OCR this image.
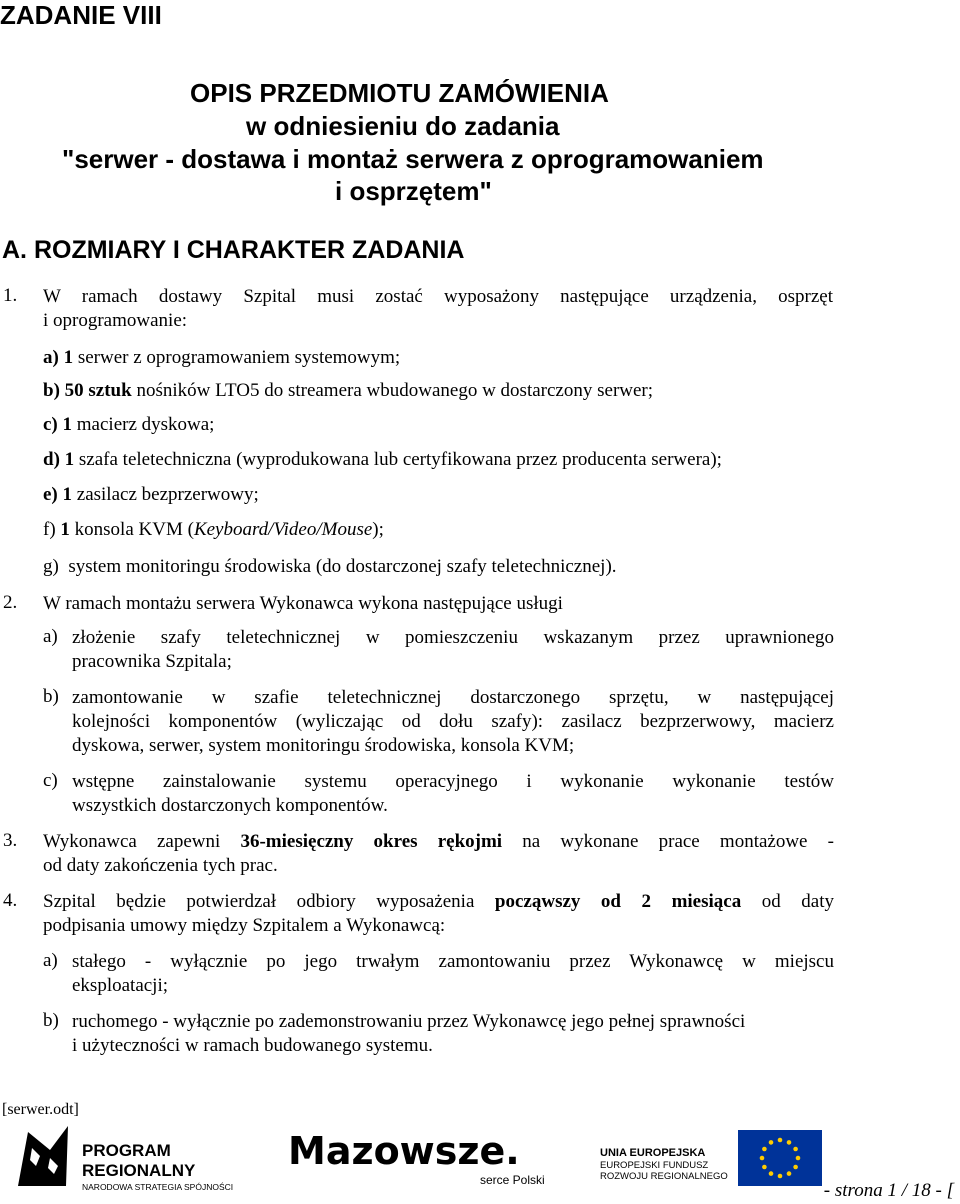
ZADANIE VIII
OPIS PRZEDMIOTU ZAMÓWIENIA
w odniesieniu do zadania
"serwer - dostawa i montaż serwera z oprogramowaniem
i osprzętem"
A. ROZMIARY I CHARAKTER ZADANIA
1. W ramach dostawy Szpital musi zostać wyposażony następujące urządzenia, osprzęt
i oprogramowanie:
a) 1 serwer z oprogramowaniem systemowym;
b) 50 sztuk nośników LTO5 do streamera wbudowanego w dostarczony serwer;
c) 1 macierz dyskowa;
d) 1 szafa teletechniczna (wyprodukowana lub certyfikowana przez producenta serwera);
e) 1 zasilacz bezprzerwowy;
f) 1 konsola KVM (Keyboard/Video/Mouse);
g) system monitoringu środowiska (do dostarczonej szafy teletechnicznej).
2. W ramach montażu serwera Wykonawca wykona następujące usługi
a) złożenie szafy teletechnicznej w pomieszczeniu wskazanym przez uprawnionego
pracownika Szpitala;
b) zamontowanie w szafie teletechnicznej dostarczonego sprzętu, w następującej
kolejności komponentów (wyliczając od dołu szafy): zasilacz bezprzerwowy, macierz
dyskowa, serwer, system monitoringu środowiska, konsola KVM;
c) wstępne zainstalowanie systemu operacyjnego i wykonanie wykonanie testów
wszystkich dostarczonych komponentów.
3. Wykonawca zapewni 36-miesięczny okres rękojmi na wykonane prace montażowe -
od daty zakończenia tych prac.
4. Szpital będzie potwierdzał odbiory wyposażenia począwszy od 2 miesiąca od daty
podpisania umowy między Szpitalem a Wykonawcą:
a) stałego - wyłącznie po jego trwałym zamontowaniu przez Wykonawcę w miejscu
eksploatacji;
b) ruchomego - wyłącznie po zademonstrowaniu przez Wykonawcę jego pełnej sprawności
i użyteczności w ramach budowanego systemu.
[serwer.odt]
PROGRAM
REGIONALNY
NARODOWA STRATEGIA SPÓJNOŚCI
Mazowsze.
serce Polski
UNIA EUROPEJSKA
EUROPEJSKI FUNDUSZ
ROZWOJU REGIONALNEGO
- strona 1 / 18 - [
